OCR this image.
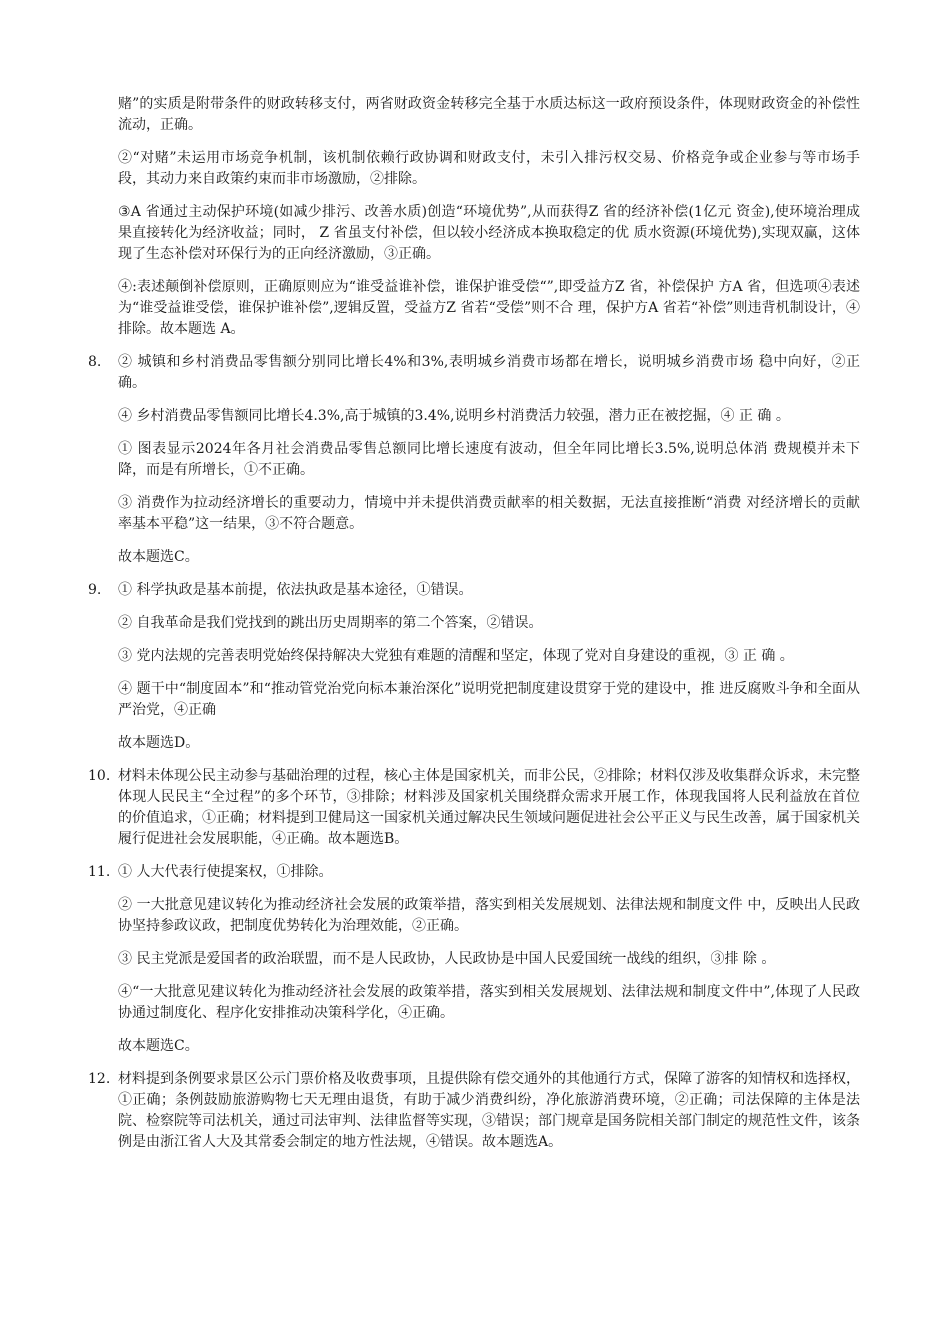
赌”的实质是附带条件的财政转移支付，两省财政资金转移完全基于水质达标这一政府预设条件，体现财政资金的补偿性流动，正确。

②“对赌”未运用市场竞争机制，该机制依赖行政协调和财政支付，未引入排污权交易、价格竞争或企业参与等市场手段，其动力来自政策约束而非市场激励，②排除。

③A 省通过主动保护环境(如减少排污、改善水质)创造“环境优势”,从而获得Z 省的经济补偿(1亿元 资金),使环境治理成果直接转化为经济收益；同时， Z 省虽支付补偿，但以较小经济成本换取稳定的优 质水资源(环境优势),实现双赢，这体现了生态补偿对环保行为的正向经济激励，③正确。

④:表述颠倒补偿原则，正确原则应为“谁受益谁补偿，谁保护谁受偿“”,即受益方Z 省，补偿保护 方A 省，但选项④表述为“谁受益谁受偿，谁保护谁补偿”,逻辑反置，受益方Z 省若“受偿”则不合 理，保护方A 省若“补偿”则违背机制设计，④排除。故本题选 A。

8. ② 城镇和乡村消费品零售额分别同比增长4%和3%,表明城乡消费市场都在增长，说明城乡消费市场 稳中向好，②正确。

④ 乡村消费品零售额同比增长4.3%,高于城镇的3.4%,说明乡村消费活力较强，潜力正在被挖掘，④ 正 确 。

① 图表显示2024年各月社会消费品零售总额同比增长速度有波动，但全年同比增长3.5%,说明总体消 费规模并未下降，而是有所增长，①不正确。

③ 消费作为拉动经济增长的重要动力，情境中并未提供消费贡献率的相关数据，无法直接推断“消费 对经济增长的贡献率基本平稳”这一结果，③不符合题意。

故本题选C。

9. ① 科学执政是基本前提，依法执政是基本途径，①错误。

② 自我革命是我们党找到的跳出历史周期率的第二个答案，②错误。

③ 党内法规的完善表明党始终保持解决大党独有难题的清醒和坚定，体现了党对自身建设的重视，③ 正 确 。

④ 题干中“制度固本”和“推动管党治党向标本兼治深化”说明党把制度建设贯穿于党的建设中，推 进反腐败斗争和全面从严治党，④正确

故本题选D。

10. 材料未体现公民主动参与基础治理的过程，核心主体是国家机关，而非公民，②排除；材料仅涉及收集群众诉求，未完整体现人民民主“全过程”的多个环节，③排除；材料涉及国家机关围绕群众需求开展工作，体现我国将人民利益放在首位的价值追求，①正确；材料提到卫健局这一国家机关通过解决民生领域问题促进社会公平正义与民生改善，属于国家机关履行促进社会发展职能，④正确。故本题选B。

11. ① 人大代表行使提案权，①排除。

② 一大批意见建议转化为推动经济社会发展的政策举措，落实到相关发展规划、法律法规和制度文件 中，反映出人民政协坚持参政议政，把制度优势转化为治理效能，②正确。

③ 民主党派是爱国者的政治联盟，而不是人民政协，人民政协是中国人民爱国统一战线的组织，③排 除 。

④“一大批意见建议转化为推动经济社会发展的政策举措，落实到相关发展规划、法律法规和制度文件中”,体现了人民政协通过制度化、程序化安排推动决策科学化，④正确。

故本题选C。

12. 材料提到条例要求景区公示门票价格及收费事项，且提供除有偿交通外的其他通行方式，保障了游客的知情权和选择权，①正确；条例鼓励旅游购物七天无理由退货，有助于减少消费纠纷，净化旅游消费环境，②正确；司法保障的主体是法院、检察院等司法机关，通过司法审判、法律监督等实现，③错误；部门规章是国务院相关部门制定的规范性文件，该条例是由浙江省人大及其常委会制定的地方性法规，④错误。故本题选A。
